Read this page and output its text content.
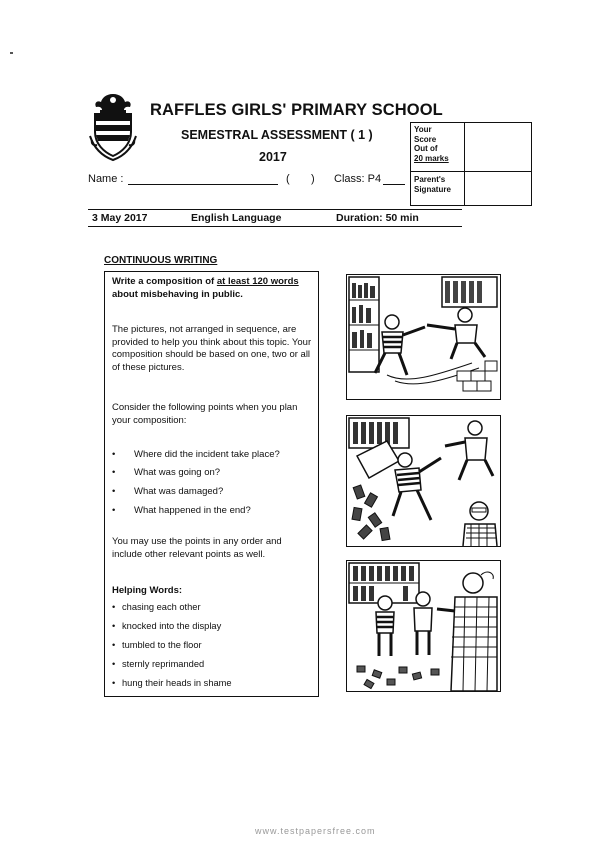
RAFFLES GIRLS' PRIMARY SCHOOL
SEMESTRAL ASSESSMENT ( 1 )
2017
Name :	( ) Class: P4
Your
Score
Out of
20 marks
Parent's
Signature
3 May 2017	English Language	Duration: 50 min
CONTINUOUS WRITING
Write a composition of at least 120 words about misbehaving in public.
The pictures, not arranged in sequence, are provided to help you think about this topic. Your composition should be based on one, two or all of these pictures.
Consider the following points when you plan your composition:
• Where did the incident take place?
• What was going on?
• What was damaged?
• What happened in the end?
You may use the points in any order and include other relevant points as well.
Helping Words:
• chasing each other
• knocked into the display
• tumbled to the floor
• sternly reprimanded
• hung their heads in shame
www.testpapersfree.com
